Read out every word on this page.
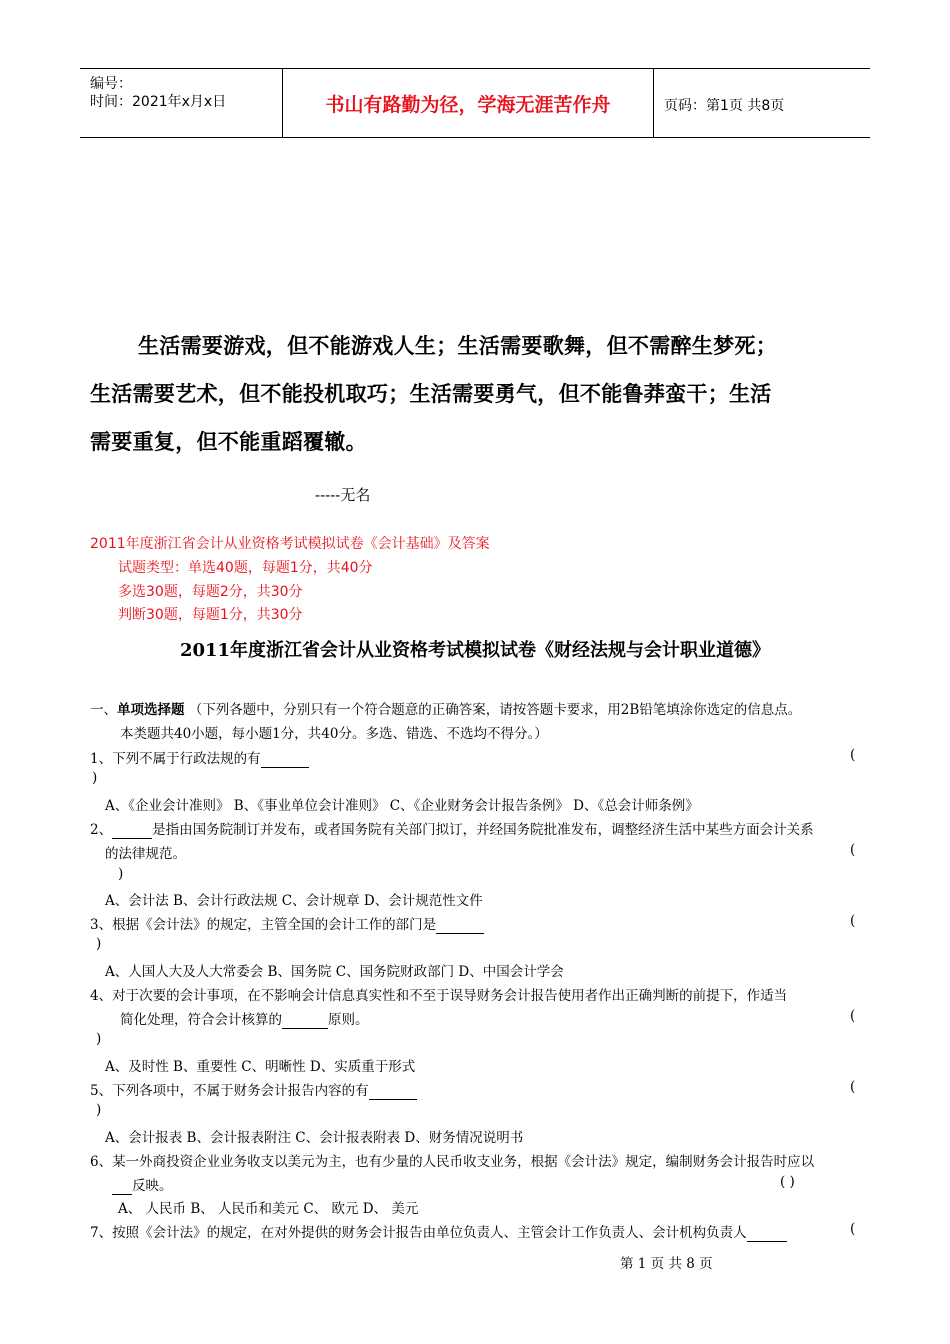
编号：
时间：2021年x月x日	书山有路勤为径，学海无涯苦作舟	页码：第1页 共8页
生活需要游戏，但不能游戏人生；生活需要歌舞，但不需醉生梦死；
生活需要艺术，但不能投机取巧；生活需要勇气，但不能鲁莽蛮干；生活
需要重复，但不能重蹈覆辙。
-----无名
2011年度浙江省会计从业资格考试模拟试卷《会计基础》及答案
试题类型：单选40题，每题1分，共40分
多选30题，每题2分，共30分
判断30题，每题1分，共30分
2011年度浙江省会计从业资格考试模拟试卷《财经法规与会计职业道德》
一、单项选择题 （下列各题中，分别只有一个符合题意的正确答案，请按答题卡要求，用2B铅笔填涂你选定的信息点。
本类题共40小题，每小题1分，共40分。多选、错选、不选均不得分。）
1、下列不属于行政法规的有	(
)
A、《企业会计准则》 B、《事业单位会计准则》 C、《企业财务会计报告条例》 D、《总会计师条例》
2、	是指由国务院制订并发布，或者国务院有关部门拟订，并经国务院批准发布，调整经济生活中某些方面会计关系
的法律规范。	(
)
A、会计法 B、会计行政法规 C、会计规章 D、会计规范性文件
3、根据《会计法》的规定，主管全国的会计工作的部门是	(
)
A、人国人大及人大常委会 B、国务院 C、国务院财政部门 D、中国会计学会
4、对于次要的会计事项，在不影响会计信息真实性和不至于误导财务会计报告使用者作出正确判断的前提下，作适当
简化处理，符合会计核算的	原则。	(
)
A、及时性 B、重要性 C、明晰性 D、实质重于形式
5、下列各项中，不属于财务会计报告内容的有	(
)
A、会计报表 B、会计报表附注 C、会计报表附表 D、财务情况说明书
6、某一外商投资企业业务收支以美元为主，也有少量的人民币收支业务，根据《会计法》规定，编制财务会计报告时应以
反映。	( )
A、 人民币 B、 人民币和美元 C、 欧元 D、 美元
7、按照《会计法》的规定，在对外提供的财务会计报告由单位负责人、主管会计工作负责人、会计机构负责人	(
第 1 页 共 8 页
